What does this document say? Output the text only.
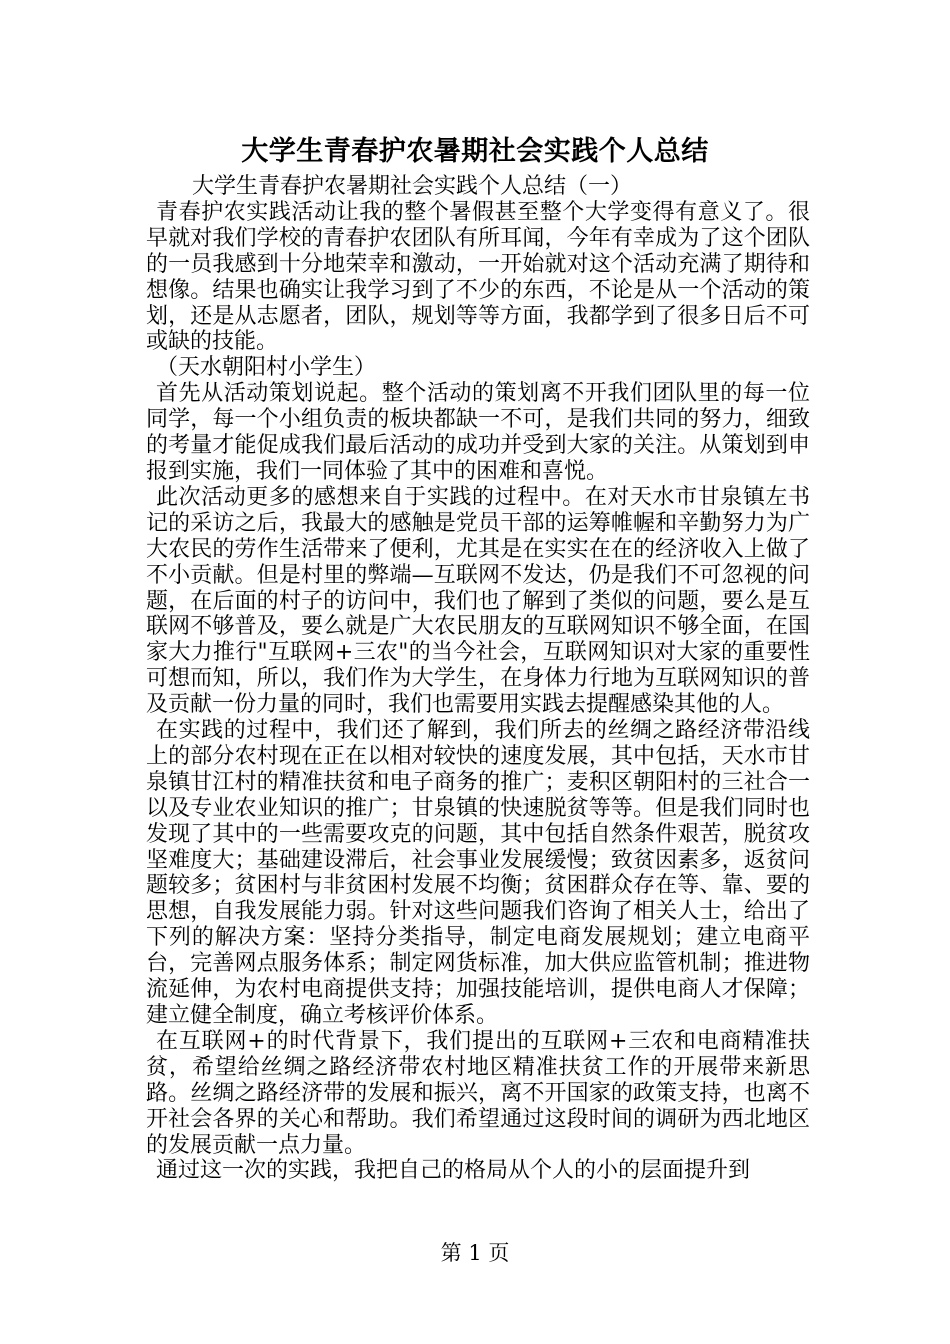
大学生青春护农暑期社会实践个人总结

大学生青春护农暑期社会实践个人总结（一）

青春护农实践活动让我的整个暑假甚至整个大学变得有意义了。很早就对我们学校的青春护农团队有所耳闻，今年有幸成为了这个团队的一员我感到十分地荣幸和激动，一开始就对这个活动充满了期待和想像。结果也确实让我学习到了不少的东西，不论是从一个活动的策划，还是从志愿者，团队，规划等等方面，我都学到了很多日后不可或缺的技能。

（天水朝阳村小学生）

首先从活动策划说起。整个活动的策划离不开我们团队里的每一位同学，每一个小组负责的板块都缺一不可，是我们共同的努力，细致的考量才能促成我们最后活动的成功并受到大家的关注。从策划到申报到实施，我们一同体验了其中的困难和喜悦。

此次活动更多的感想来自于实践的过程中。在对天水市甘泉镇左书记的采访之后，我最大的感触是党员干部的运筹帷幄和辛勤努力为广大农民的劳作生活带来了便利，尤其是在实实在在的经济收入上做了不小贡献。但是村里的弊端—互联网不发达，仍是我们不可忽视的问题，在后面的村子的访问中，我们也了解到了类似的问题，要么是互联网不够普及，要么就是广大农民朋友的互联网知识不够全面，在国家大力推行"互联网+三农"的当今社会，互联网知识对大家的重要性可想而知，所以，我们作为大学生，在身体力行地为互联网知识的普及贡献一份力量的同时，我们也需要用实践去提醒感染其他的人。

在实践的过程中，我们还了解到，我们所去的丝绸之路经济带沿线上的部分农村现在正在以相对较快的速度发展，其中包括，天水市甘泉镇甘江村的精准扶贫和电子商务的推广；麦积区朝阳村的三社合一以及专业农业知识的推广；甘泉镇的快速脱贫等等。但是我们同时也发现了其中的一些需要攻克的问题，其中包括自然条件艰苦，脱贫攻坚难度大；基础建设滞后，社会事业发展缓慢；致贫因素多，返贫问题较多；贫困村与非贫困村发展不均衡；贫困群众存在等、靠、要的思想，自我发展能力弱。针对这些问题我们咨询了相关人士，给出了下列的解决方案：坚持分类指导，制定电商发展规划；建立电商平台，完善网点服务体系；制定网货标准，加大供应监管机制；推进物流延伸，为农村电商提供支持；加强技能培训，提供电商人才保障；建立健全制度，确立考核评价体系。

在互联网+的时代背景下，我们提出的互联网+三农和电商精准扶贫，希望给丝绸之路经济带农村地区精准扶贫工作的开展带来新思路。丝绸之路经济带的发展和振兴，离不开国家的政策支持，也离不开社会各界的关心和帮助。我们希望通过这段时间的调研为西北地区的发展贡献一点力量。

通过这一次的实践，我把自己的格局从个人的小的层面提升到

第 1 页
